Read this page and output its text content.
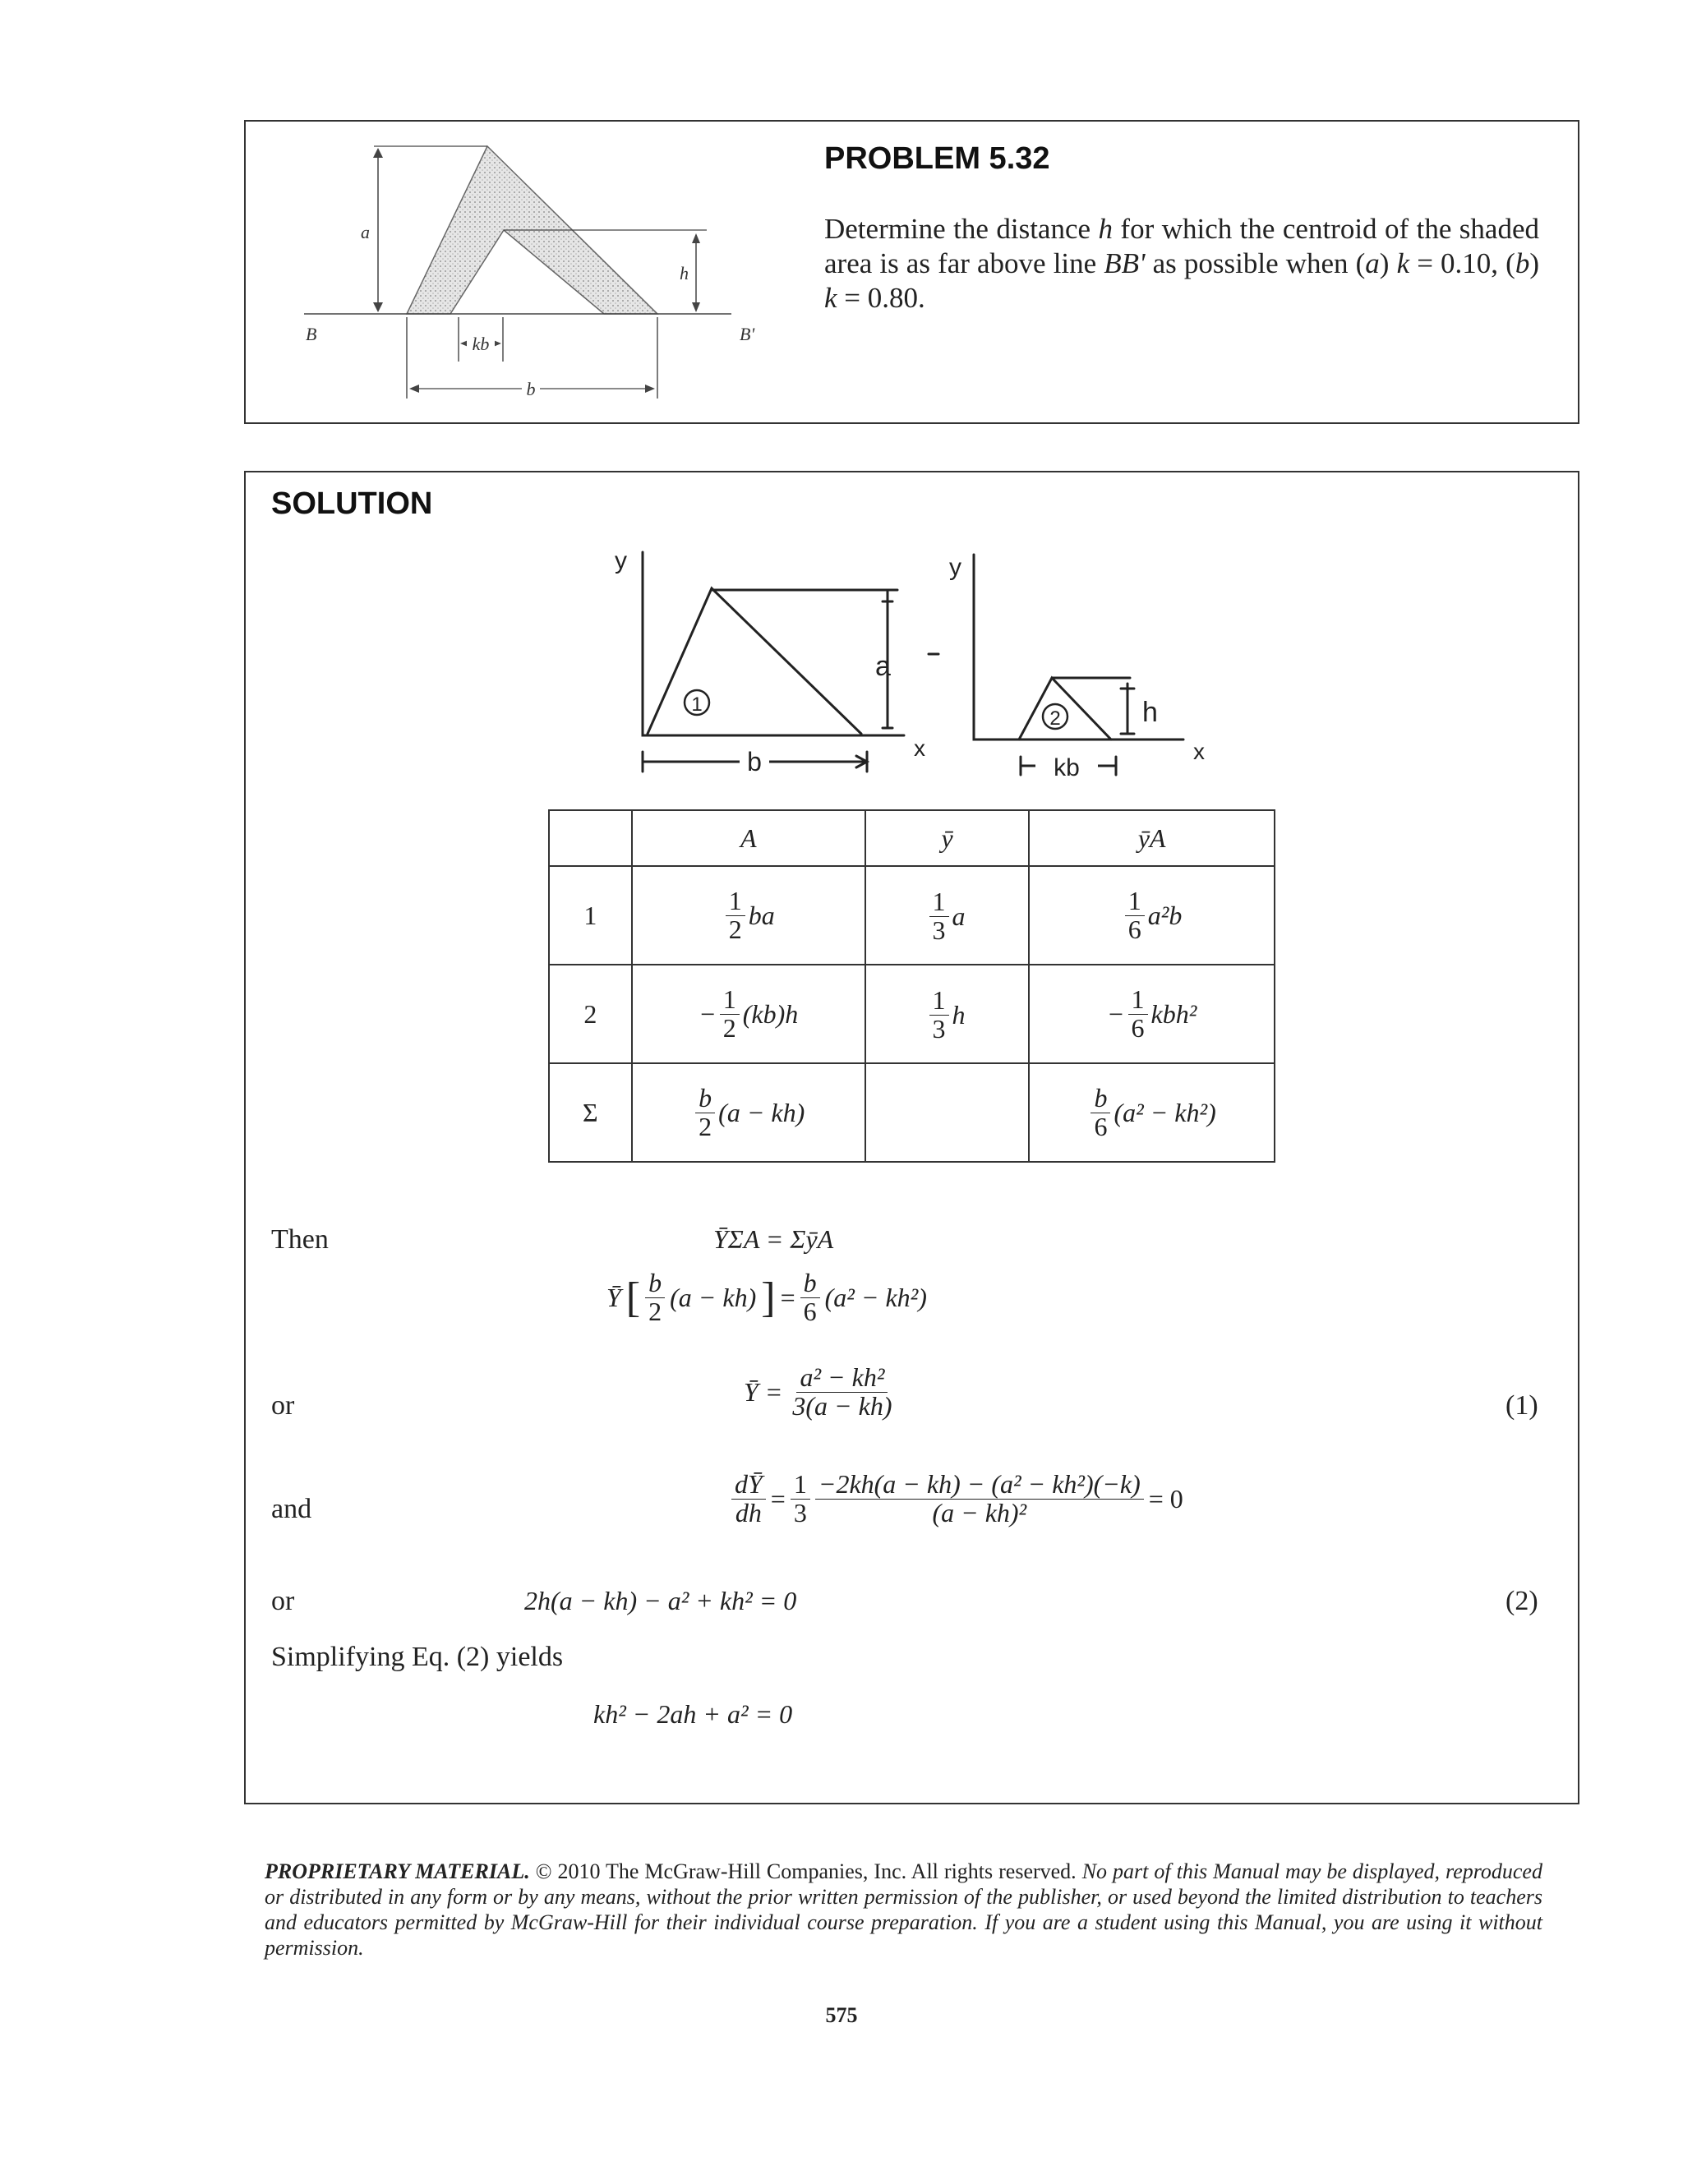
a
h
kb
b
B	B'
PROBLEM 5.32
Determine the distance h for which the centroid of the shaded area is as far above line BB' as possible when (a) k = 0.10, (b) k = 0.80.
SOLUTION
y
a
1
b	x
y
h
2
kb
x
	A	ȳ	ȳA
1	$\frac{1}{2}$ ba	$\frac{1}{3}$ a	$\frac{1}{6} a^2b$

2	− $\frac{1}{2} (kb)h$	$\frac{1}{3}$ h	− $\frac{1}{6} kbh^2$

Σ	$\frac{b}{2} (a - kh)$		$\frac{b}{6} (a^2 - kh^2)$
Then	ȲΣA = ΣȳA
Ȳ [ $\frac{b}{2} (a - kh)$ ] = $\frac{b}{6} (a^2 - kh^2)$
or	Ȳ = $\frac{\text{a² − kh²}}{3(a - kh)}$	(1)
and	$\frac{dȲ}{dh} = \frac{1}{3} \frac{\text{−2kh(a − kh) − (a² − kh²)(−k)}}{\text{(a − kh)²}} = 0$
or	2h(a − kh) − a² + kh² = 0	(2)
Simplifying Eq. (2) yields
kh² − 2ah + a² = 0
PROPRIETARY MATERIAL. © 2010 The McGraw-Hill Companies, Inc. All rights reserved. No part of this Manual may be displayed, reproduced or distributed in any form or by any means, without the prior written permission of the publisher, or used beyond the limited distribution to teachers and educators permitted by McGraw-Hill for their individual course preparation. If you are a student using this Manual, you are using it without permission.
575
